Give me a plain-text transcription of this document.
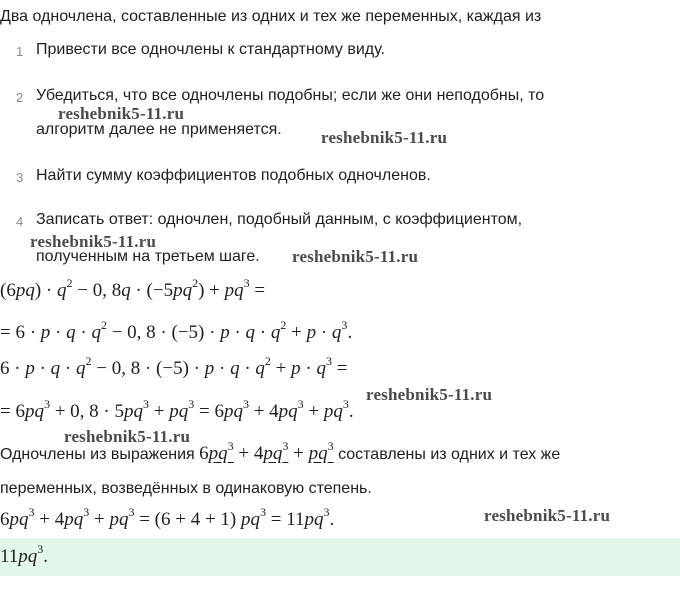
Два одночлена, составленные из одних и тех же переменных, каждая из
1 Привести все одночлены к стандартному виду.
2 Убедиться, что все одночлены подобны; если же они неподобны, то
reshebnik5-11.ru
алгоритм далее не применяется. reshebnik5-11.ru
3 Найти сумму коэффициентов подобных одночленов.
4 Записать ответ: одночлен, подобный данным, с коэффициентом,
reshebnik5-11.ru
полученным на третьем шаге. reshebnik5-11.ru
$(6pq) \cdot q^2 - 0$, $8q \cdot (-5pq^2) + pq^3$ =
= $6 \cdot p \cdot q \cdot q^2 - 0$, $8 \cdot (-5) \cdot p \cdot q \cdot q^2 + p \cdot q^3$.
$6 \cdot p \cdot q \cdot q^2 - 0$, $8 \cdot (-5) \cdot p \cdot q \cdot q^2 + p \cdot q^3$ =
reshebnik5-11.ru
= $6pq^3 + 0$, $8 \cdot 5pq^3 + pq^3 = 6pq^3 + 4pq^3 + pq^3$.
reshebnik5-11.ru
Одночлены из выражения $6pq^3 + 4pq^3 + pq^3$ составлены из одних и тех же
переменных, возведённых в одинаковую степень.
$6pq^3 + 4pq^3 + pq^3 = (6 + 4 + 1) pq^3 = 11pq^3$.	reshebnik5-11.ru
$11pq^3$.
